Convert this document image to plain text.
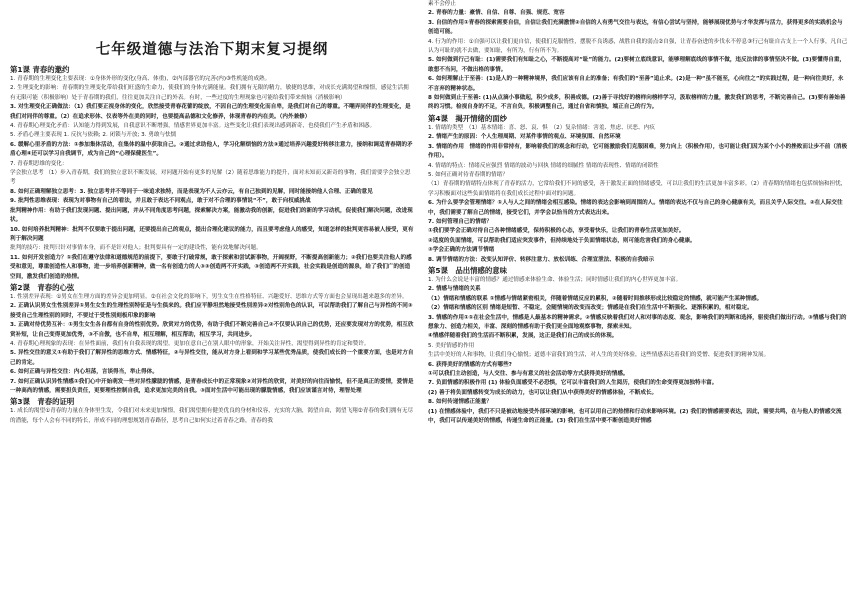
七年级道德与法治下期末复习提纲
第1课 青春的邀约
1. 青春期的生理变化主要表现：①身体外形的变化(身高、体重)，②内部器官的完善(内)③性机能的成熟。
2. 生理变化的影响：青春期的生理变化带给我们旺盛的生命力，使我们的身体充满能量。我们拥有无限的精力，敏捷的思维，对成长充满渴望和憧憬，感觉生活拥有无限可能（积极影响）处于青春期的我们，往往更加关注自己的外表。有时，一些过度的生理现象也可能给我们带来烦恼（消极影响）
3. 对生理变化正确做法：（1）我们要正视身体的变化，欣然接受青春花蕾的绽放，不因自己的生理变化而自卑，是我们对自己的尊重。不嘲弄同伴的生理变化，是我们对同伴的尊重。（2）在追求形体、仪表等外在美的同时，也要提高品德和文化修养，体现青春的内在美。（内外兼修）
4. 青春期心理变化矛盾：认知能力得到发展，自我意识不断增强，情感世界更加丰富。这些变化让我们表现出感到新奇，也使我们产生矛盾和困惑。
5. 矛盾心理主要表现 1. 反抗与依赖; 2. 闭锁与开放; 3. 勇敢与怯懦
6. 缓解心里矛盾的方法：①参加集体活动，在集体的温中获取自己。②通过求助他人，学习化解烦恼的方法③通过培养兴趣爱好转移注意力，接纳和调适青春期的矛盾心理④还可以学习自我调节，成为自己的“心理保健医生”。
7. 青春期思维的变化：
学会独立思考 （1）步入青春期，我们的独立意识不断发展，对问题开始有更多的见解（2）随着思维能力的提升，面对未知而又新奇的事物，我们需要学会独立思考
8. 如何正确理解独立思考：3. 独立思考并不等同于一味追求独特，而是表现为不人云亦云，有自己独到的见解，同时能接纳他人合理、正确的意见
9. 批判性思维表现：表现为对事物有自己的看法，并且敢于表达不同观点，敢于对不合理的事情说“不”，敢于向权威挑战
批判精神作用：有助于我们发现问题、提出问题，并从不同角度思考问题，探索解决方案，能激动我的创新，促进我们的新的学习动机，促使我们解决问题，改进现状。
10. 如何培养批判精神：批判不仅要敢于提出问题，还要提出自己的观点，提出合理化建议的能力，而且要考虑他人的感受，知道怎样的批判更容易被人接受，更有利于解决问题
批判的技巧：批判只针对事情本身，而不是针对他人；批判要具有一定的建设性，能有效地解决问题。
11. 如何开发创造力？①我们在遵守法律和道德规范的前提下，要敢于打破常规，敢于探索和尝试新事物，开阔视野，不断提高创新能力；②我们也要关注他人的感受和意见，尊重创造性人和事物，进一步培养创新精神，做一名有创造力的人③③创造两不开实践，③创造两不开实践，社会实践是创造的源泉，给了我们广的创造空间，激发我们创造的热情。
第2课　青春的心弦
1. 性别差异表现：①男女在生理方面的差异会更加明显。②在社会文化的影响下，男生女生在性格特征、兴趣爱好、思维方式等方面也会显现出越来越多的差异。
2. 正确认识男女生性别差异①男生女生的生理性别特征是与生俱来的。我们应平静坦然地接受性别差异②对性别角色的认识，可以帮助我们了解自己与异性的不同③接受自己生理性别的同时，不要过于受性别刻板印象的影响
3. 正确对待优势互补：①男生女生各自都有自身的性别优势。欣赏对方的优势，有助于我们不断完善自己②不仅要认识自己的优势，还应要发现对方的优势，相互欣赏补短，让自己变得更加优秀，③不自傲，也不自卑，相互理解，相互帮助，相互学习，共同进步。
4. 青春期心理现象的表现：在异性面前，我们有自我表现的渴望。更加在意自己在别人眼中的形象，开始关注异性，渴望得到异性的肯定和赞许。
5. 异性交往的意义①有助于我们了解异性的思维方式、情感特征，②与异性交往，能从对方身上看到和学习某些优秀品质，使我们成长的一个重要方面，也是对方自己的肯定。
6. 如何正确与异性交往：内心坦荡，言谈得当，举止得体。
7. 如何正确认识异性情感①我们心中开始萌发一些对异性朦胧的情感，是青春成长中的正常现象②对异性的欣赏，对美好的向往而愉悦，但不是真正的爱情，爱情是一种高尚的情感，需要担负责任，更要理性控制自我，追求更加完美的自我。③面对生活中可能出现的朦胧情感，我们应该谨言对待，理智处理
第3课　青春的证明
1. 成长的渴望①青春的力量在身体里生发，令我们对未来更加憧憬，我们渴望拥有健美优良的身材和仪容，充实的大脑，渴望自由，渴望飞翔②青春的我们拥有无尽的潜能，每个人会有不同的特长，形成不同的理想规划青春路径，思考自己如何实过着青春之路，青春的我
素不会停止
2. 青春的力量：豪情、自信、自尊、自强、规范、宽容
3. 自信的作用①青春的探索需要自信，自信让我们充满激情②自信的人有勇气交往与表达，有信心尝试与坚持，能够展现优势与才华发挥与活力，获得更多的实践机会与创造可能。
4. 行为的作用：①自强可以让我们更自信，使我们克服惰性，摆脱不良诱惑，战胜自我的弱点②自强，让青春奋进的步伐永不停息③行己有耻自古支上一个人行事，凡自己认为可耻的就不去做，要知耻，有所为，行有所不为。
5. 如何做到行己有耻：(1)需要我们有知耻之心，不断提高对“耻”的能力。(2)要树立底线意识，能够理解底线的事情不做，违反法律的事情坚决不做。(3)要懂得自重，敢想不当问，不做出格的事情。
6. 如何理解止于至善：(1)是人的一种精神境界，我们应该有自止的准备；有我们的“至善”追止求。(2)是一种“虽不能至，心向往之”的实践过程，是一种向往美好，永不言弃的精神状态。
8 如何做到止于至善: (1)从点滴小事做起，积少成多，积善成德。(2)善于寻找好的榜样向榜样学习，汲取榜样的力量，激发我们的思考，不断完善自己。(3)要有善始善终的习惯。检视自身的不足，不言自负，积极调整自己，通过自省和慎独，端正自己的行为。
第4课　揭开情绪的面纱
1. 情绪的类型　（1）基本情绪：喜、怒、哀、惧　（2）复杂情绪：害羞、焦虑、厌恶、内疚
2. 情绪产生的原因：个人生理周期、对某件事情的观点、环境氛围、自然环境
3. 情绪的作用　情绪的作用非常持有，影响着我们的观念和行动，它可能激励我们克服困难，努力向上（积极作用），也可能让我们因为某个小小的挫败而让步不前（消极作用）。
4. 情绪的特点：情绪反应强烈 情绪的波动与回执 情绪的细腻性 情绪的表现性、情绪的闭锁性
5. 如何正确对待青春期的情绪？
（1）青春期的情绪特点体现了青春的活力，它常给我们不同的感受，善于激发正面的情绪感受，可以让我们的生活更加丰富多彩。（2）青春期的情绪也包括烦恼和担忧，学习积极面对这些负面情绪将在我们成长过程中面对的问题。
6. 为什么要学会管理情绪？①人与人之间的情绪会相互感染。情绪的表达会影响到周围的人。情绪的表达不仅与自己的身心健康有关，而且关乎人际交往。②在人际交往中，我们需要了解自己的情绪，接受它们，并学会以恰当的方式表达出来。
7. 如何管理自己的情绪？
①我们要学会正确对待自己各种情绪感受，保持积极的心态，享受着快乐，让我们的青春生活更加美好。
②适度的负面情绪，可以帮助我们适应突发事件，但持续地处于负面情绪状态，则可能危害我们的身心健康。
③学会正确的方法调节情绪
8. 调节情绪的方法：改变认知评价、转移注意力、放松训练、合理宣泄法、积极的自我暗示
第5课　品出情感的意味
1. 为什么会说是丰富的情感？通过情感来体验生命、体验生活；同时情感让我们的内心世界更加丰富。
2. 情感与情绪的关系
（1）情绪和情感的联系 ①情感与情绪紧密相关，伴随着情绪反应的累积，②随着时间推移形成比较稳定的情感，就可能产生某种情感。
（2）情绪和情感的区别 情绪是短暂、不稳定，会随情境的改变而改变；情感是在我们在生活中不断强化、逐渐积累的，相对稳定。
3. 情感的作用①①在社会生活中，情感是人最基本的精神需求。②情感反映着我们对人和对事的态度、观念，影响我们的判断和选择，驱使我们做出行动。③情感与我们的想象力、创造力相关，丰富、深刻的情感有助于我们更全面地观察事物，探索未知。
④情感伴随着我们的生活而不断积累，发展，这正是我们自己的成长的体现。
5. 美好情感的作用
生活中美好的人和事物，让我们身心愉悦；道德丰富我们的生活，对人生的美好体验，这些情感表达着我们的爱憎、促进我们的精神发展。
6. 获得美好的情感的方式有哪些?
①可以我们主动创造，与人交往、参与有意义的社会活动等方式获得美好的情感。
7. 负面情感的积极作用 (1) 体验负面感受不必恐惧，它可以丰富我们的人生阅历，使我们的生命变得更加独特丰富。
(2) 善于将负面情感转变为成长的动力，也可以让我们从中获得美好的情感体验，不断成长。
8. 如何传递情感正能量？
(1) 在情感体验中，我们不只是被动地接受外部环境的影响，也可以用自己的热情和行动来影响环境。(2) 我们的情感需要表达，因此，需要共鸣，在与他人的情感交流中，我们可以传递美好的情感，传递生命的正能量。(3) 我们在生活中要不断创造美好情感
